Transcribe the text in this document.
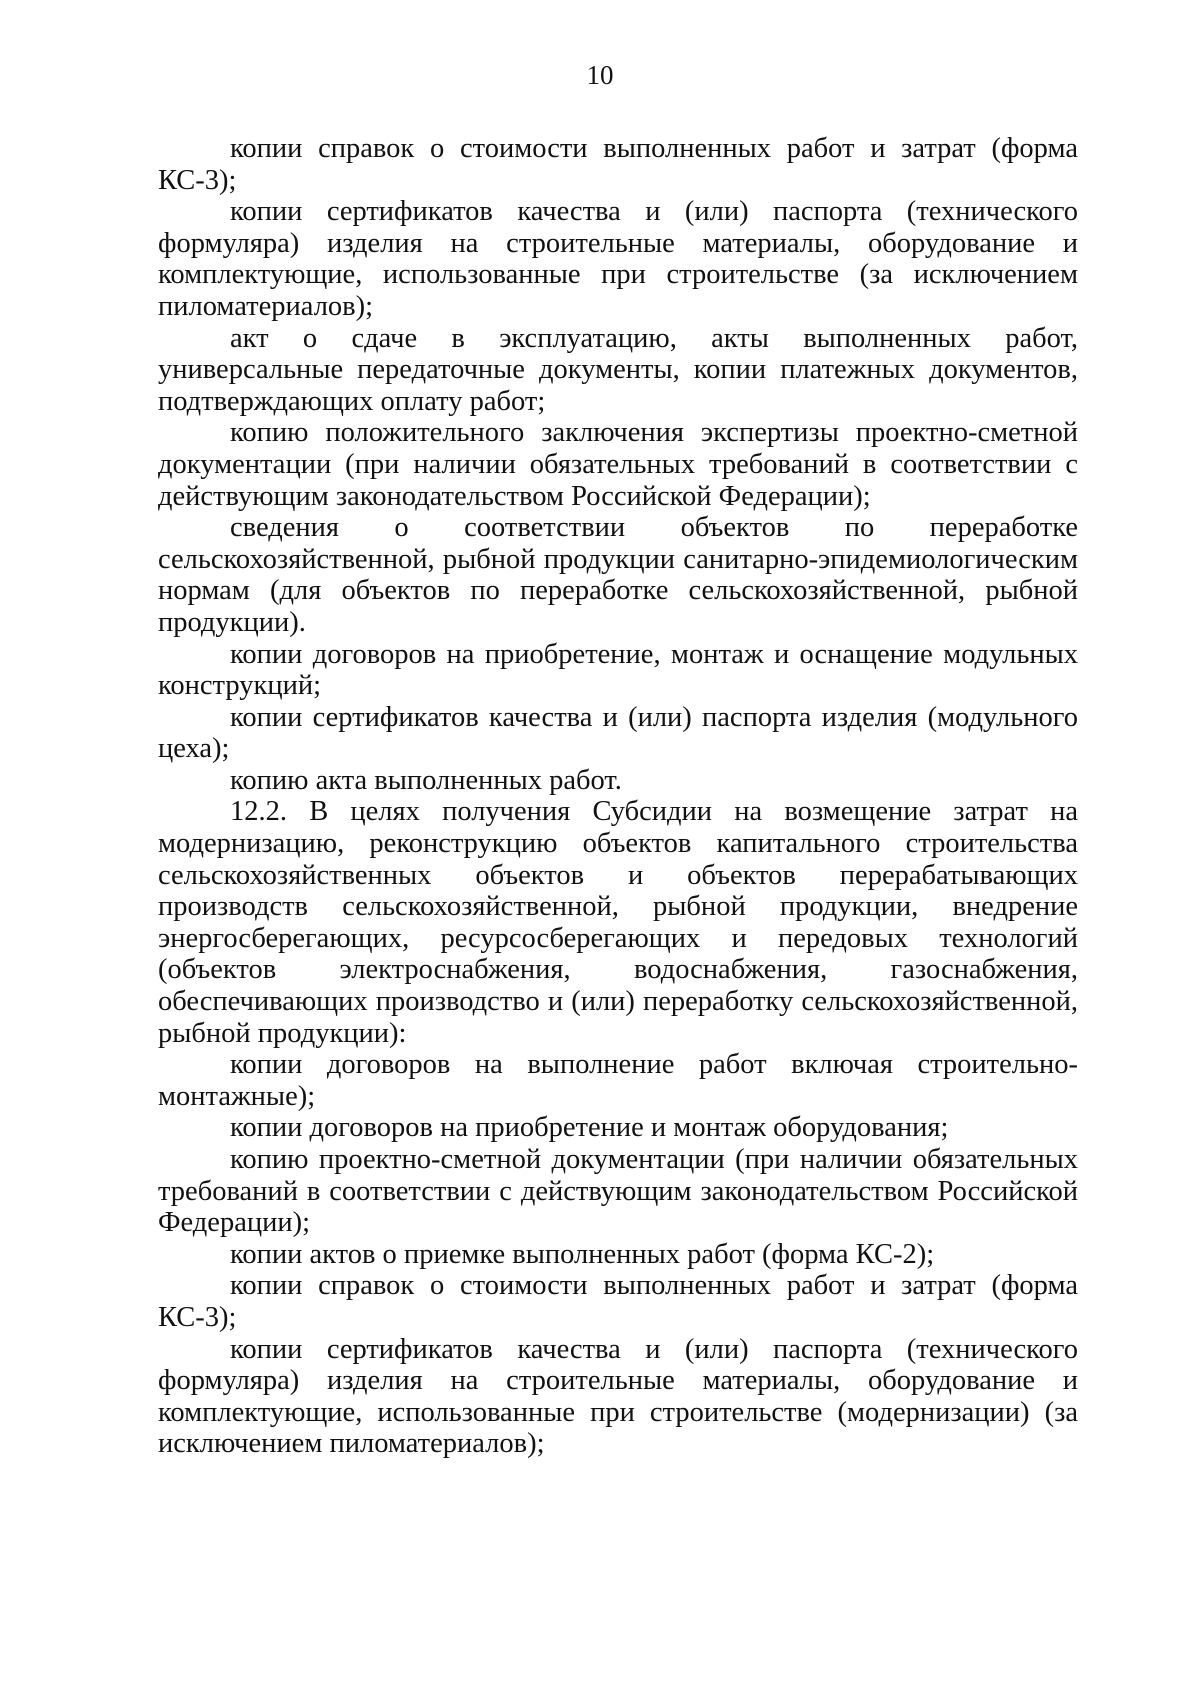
10

копии справок о стоимости выполненных работ и затрат (форма КС-3);

копии сертификатов качества и (или) паспорта (технического формуляра) изделия на строительные материалы, оборудование и комплектующие, использованные при строительстве (за исключением пиломатериалов);

акт о сдаче в эксплуатацию, акты выполненных работ, универсальные передаточные документы, копии платежных документов, подтверждающих оплату работ;

копию положительного заключения экспертизы проектно-сметной документации (при наличии обязательных требований в соответствии с действующим законодательством Российской Федерации);

сведения о соответствии объектов по переработке сельскохозяйственной, рыбной продукции санитарно-эпидемиологическим нормам (для объектов по переработке сельскохозяйственной, рыбной продукции).

копии договоров на приобретение, монтаж и оснащение модульных конструкций;

копии сертификатов качества и (или) паспорта изделия (модульного цеха);

копию акта выполненных работ.

12.2. В целях получения Субсидии на возмещение затрат на модернизацию, реконструкцию объектов капитального строительства сельскохозяйственных объектов и объектов перерабатывающих производств сельскохозяйственной, рыбной продукции, внедрение энергосберегающих, ресурсосберегающих и передовых технологий (объектов электроснабжения, водоснабжения, газоснабжения, обеспечивающих производство и (или) переработку сельскохозяйственной, рыбной продукции):

копии договоров на выполнение работ включая строительно-монтажные);

копии договоров на приобретение и монтаж оборудования;

копию проектно-сметной документации (при наличии обязательных требований в соответствии с действующим законодательством Российской Федерации);

копии актов о приемке выполненных работ (форма КС-2);

копии справок о стоимости выполненных работ и затрат (форма КС-3);

копии сертификатов качества и (или) паспорта (технического формуляра) изделия на строительные материалы, оборудование и комплектующие, использованные при строительстве (модернизации) (за исключением пиломатериалов);
